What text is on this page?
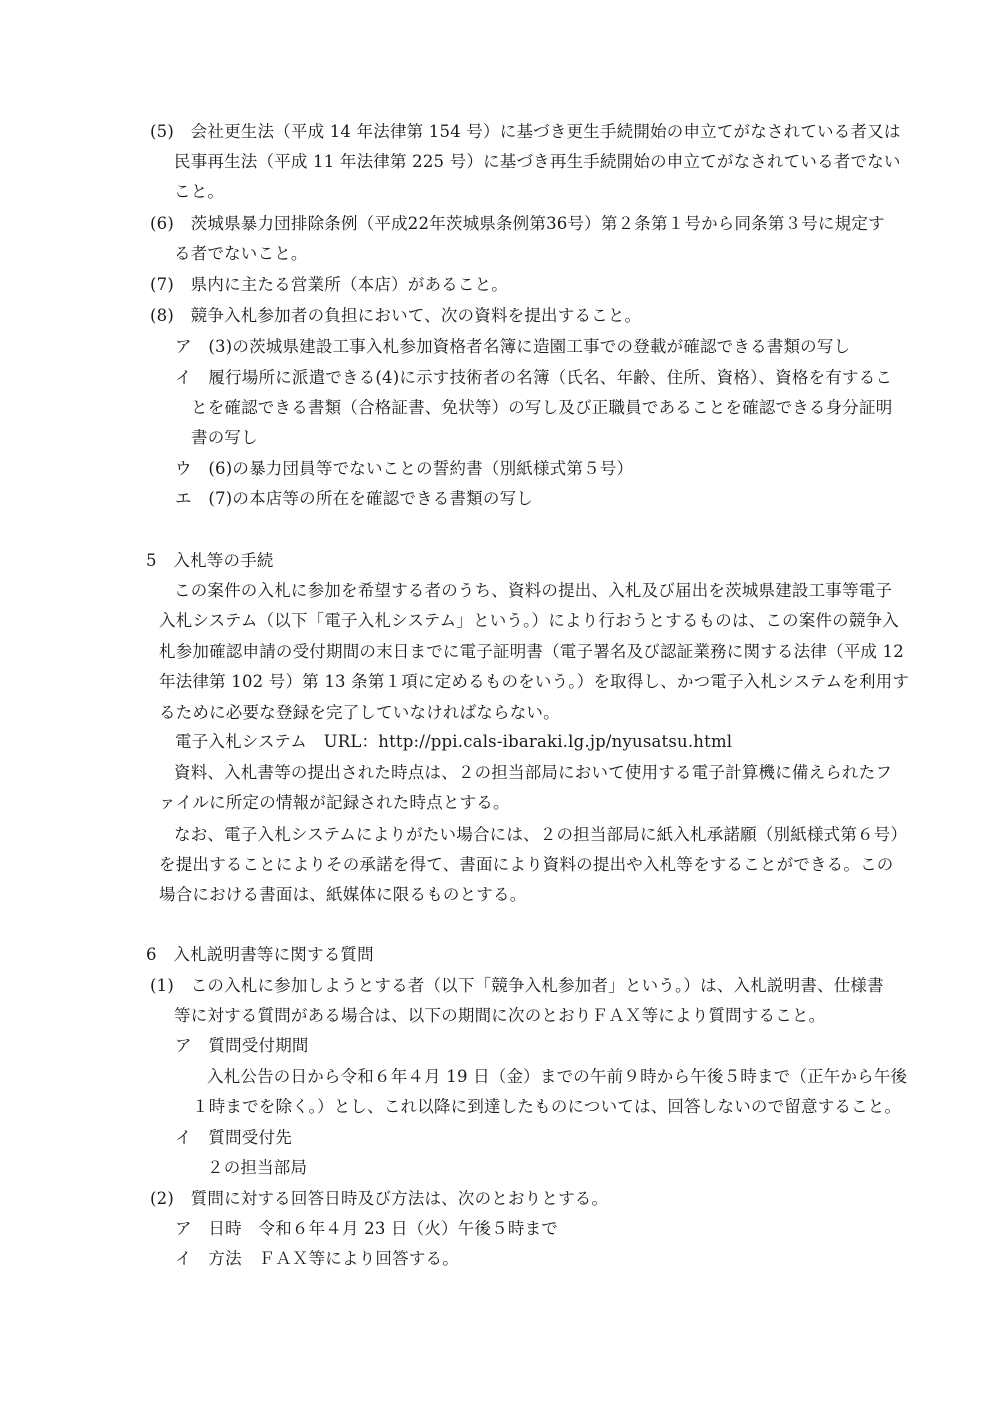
(5)　会社更生法（平成 14 年法律第 154 号）に基づき更生手続開始の申立てがなされている者又は
民事再生法（平成 11 年法律第 225 号）に基づき再生手続開始の申立てがなされている者でない
こと。
(6)　茨城県暴力団排除条例（平成22年茨城県条例第36号）第２条第１号から同条第３号に規定す
る者でないこと。
(7)　県内に主たる営業所（本店）があること。
(8)　競争入札参加者の負担において、次の資料を提出すること。
ア　(3)の茨城県建設工事入札参加資格者名簿に造園工事での登載が確認できる書類の写し
イ　履行場所に派遣できる(4)に示す技術者の名簿（氏名、年齢、住所、資格）、資格を有するこ
とを確認できる書類（合格証書、免状等）の写し及び正職員であることを確認できる身分証明
書の写し
ウ　(6)の暴力団員等でないことの誓約書（別紙様式第５号）
エ　(7)の本店等の所在を確認できる書類の写し
5　入札等の手続
この案件の入札に参加を希望する者のうち、資料の提出、入札及び届出を茨城県建設工事等電子
入札システム（以下「電子入札システム」という。）により行おうとするものは、この案件の競争入
札参加確認申請の受付期間の末日までに電子証明書（電子署名及び認証業務に関する法律（平成 12
年法律第 102 号）第 13 条第１項に定めるものをいう。）を取得し、かつ電子入札システムを利用す
るために必要な登録を完了していなければならない。
電子入札システム　URL：http://ppi.cals-ibaraki.lg.jp/nyusatsu.html
資料、入札書等の提出された時点は、２の担当部局において使用する電子計算機に備えられたフ
ァイルに所定の情報が記録された時点とする。
なお、電子入札システムによりがたい場合には、２の担当部局に紙入札承諾願（別紙様式第６号）
を提出することによりその承諾を得て、書面により資料の提出や入札等をすることができる。この
場合における書面は、紙媒体に限るものとする。
6　入札説明書等に関する質問
(1)　この入札に参加しようとする者（以下「競争入札参加者」という。）は、入札説明書、仕様書
等に対する質問がある場合は、以下の期間に次のとおりＦＡＸ等により質問すること。
ア　質問受付期間
入札公告の日から令和６年４月 19 日（金）までの午前９時から午後５時まで（正午から午後
１時までを除く。）とし、これ以降に到達したものについては、回答しないので留意すること。
イ　質問受付先
２の担当部局
(2)　質問に対する回答日時及び方法は、次のとおりとする。
ア　日時　令和６年４月 23 日（火）午後５時まで
イ　方法　ＦＡＸ等により回答する。
